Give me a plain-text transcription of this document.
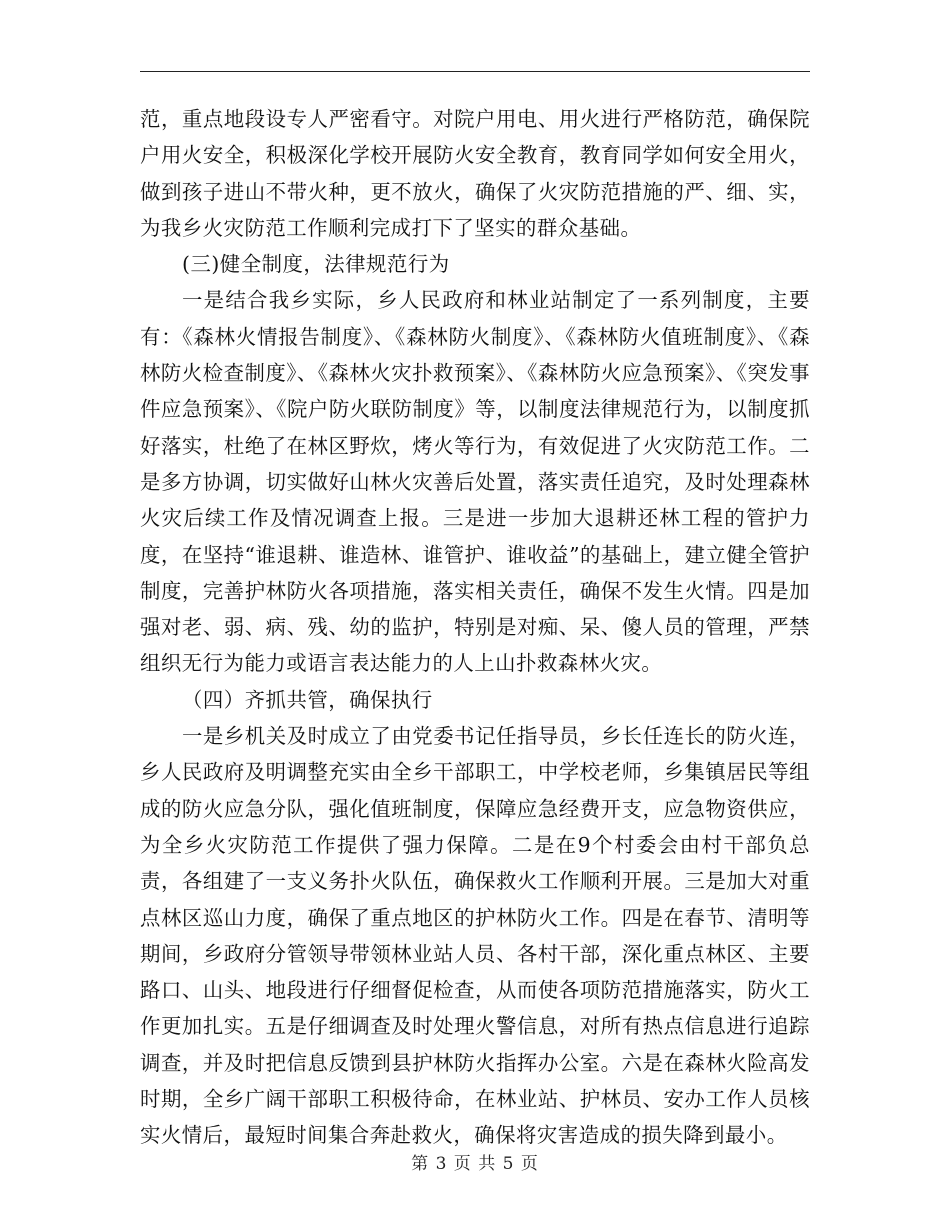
范，重点地段设专人严密看守。对院户用电、用火进行严格防范，确保院户用火安全，积极深化学校开展防火安全教育，教育同学如何安全用火，做到孩子进山不带火种，更不放火，确保了火灾防范措施的严、细、实，为我乡火灾防范工作顺利完成打下了坚实的群众基础。

(三)健全制度，法律规范行为

一是结合我乡实际，乡人民政府和林业站制定了一系列制度，主要有：《森林火情报告制度》、《森林防火制度》、《森林防火值班制度》、《森林防火检查制度》、《森林火灾扑救预案》、《森林防火应急预案》、《突发事件应急预案》、《院户防火联防制度》等，以制度法律规范行为，以制度抓好落实，杜绝了在林区野炊，烤火等行为，有效促进了火灾防范工作。二是多方协调，切实做好山林火灾善后处置，落实责任追究，及时处理森林火灾后续工作及情况调查上报。三是进一步加大退耕还林工程的管护力度，在坚持“谁退耕、谁造林、谁管护、谁收益”的基础上，建立健全管护制度，完善护林防火各项措施，落实相关责任，确保不发生火情。四是加强对老、弱、病、残、幼的监护，特别是对痴、呆、傻人员的管理，严禁组织无行为能力或语言表达能力的人上山扑救森林火灾。

（四）齐抓共管，确保执行

一是乡机关及时成立了由党委书记任指导员，乡长任连长的防火连，乡人民政府及明调整充实由全乡干部职工，中学校老师，乡集镇居民等组成的防火应急分队，强化值班制度，保障应急经费开支，应急物资供应，为全乡火灾防范工作提供了强力保障。二是在9个村委会由村干部负总责，各组建了一支义务扑火队伍，确保救火工作顺利开展。三是加大对重点林区巡山力度，确保了重点地区的护林防火工作。四是在春节、清明等期间，乡政府分管领导带领林业站人员、各村干部，深化重点林区、主要路口、山头、地段进行仔细督促检查，从而使各项防范措施落实，防火工作更加扎实。五是仔细调查及时处理火警信息，对所有热点信息进行追踪调查，并及时把信息反馈到县护林防火指挥办公室。六是在森林火险高发时期，全乡广阔干部职工积极待命，在林业站、护林员、安办工作人员核实火情后，最短时间集合奔赴救火，确保将灾害造成的损失降到最小。

第 3 页 共 5 页
